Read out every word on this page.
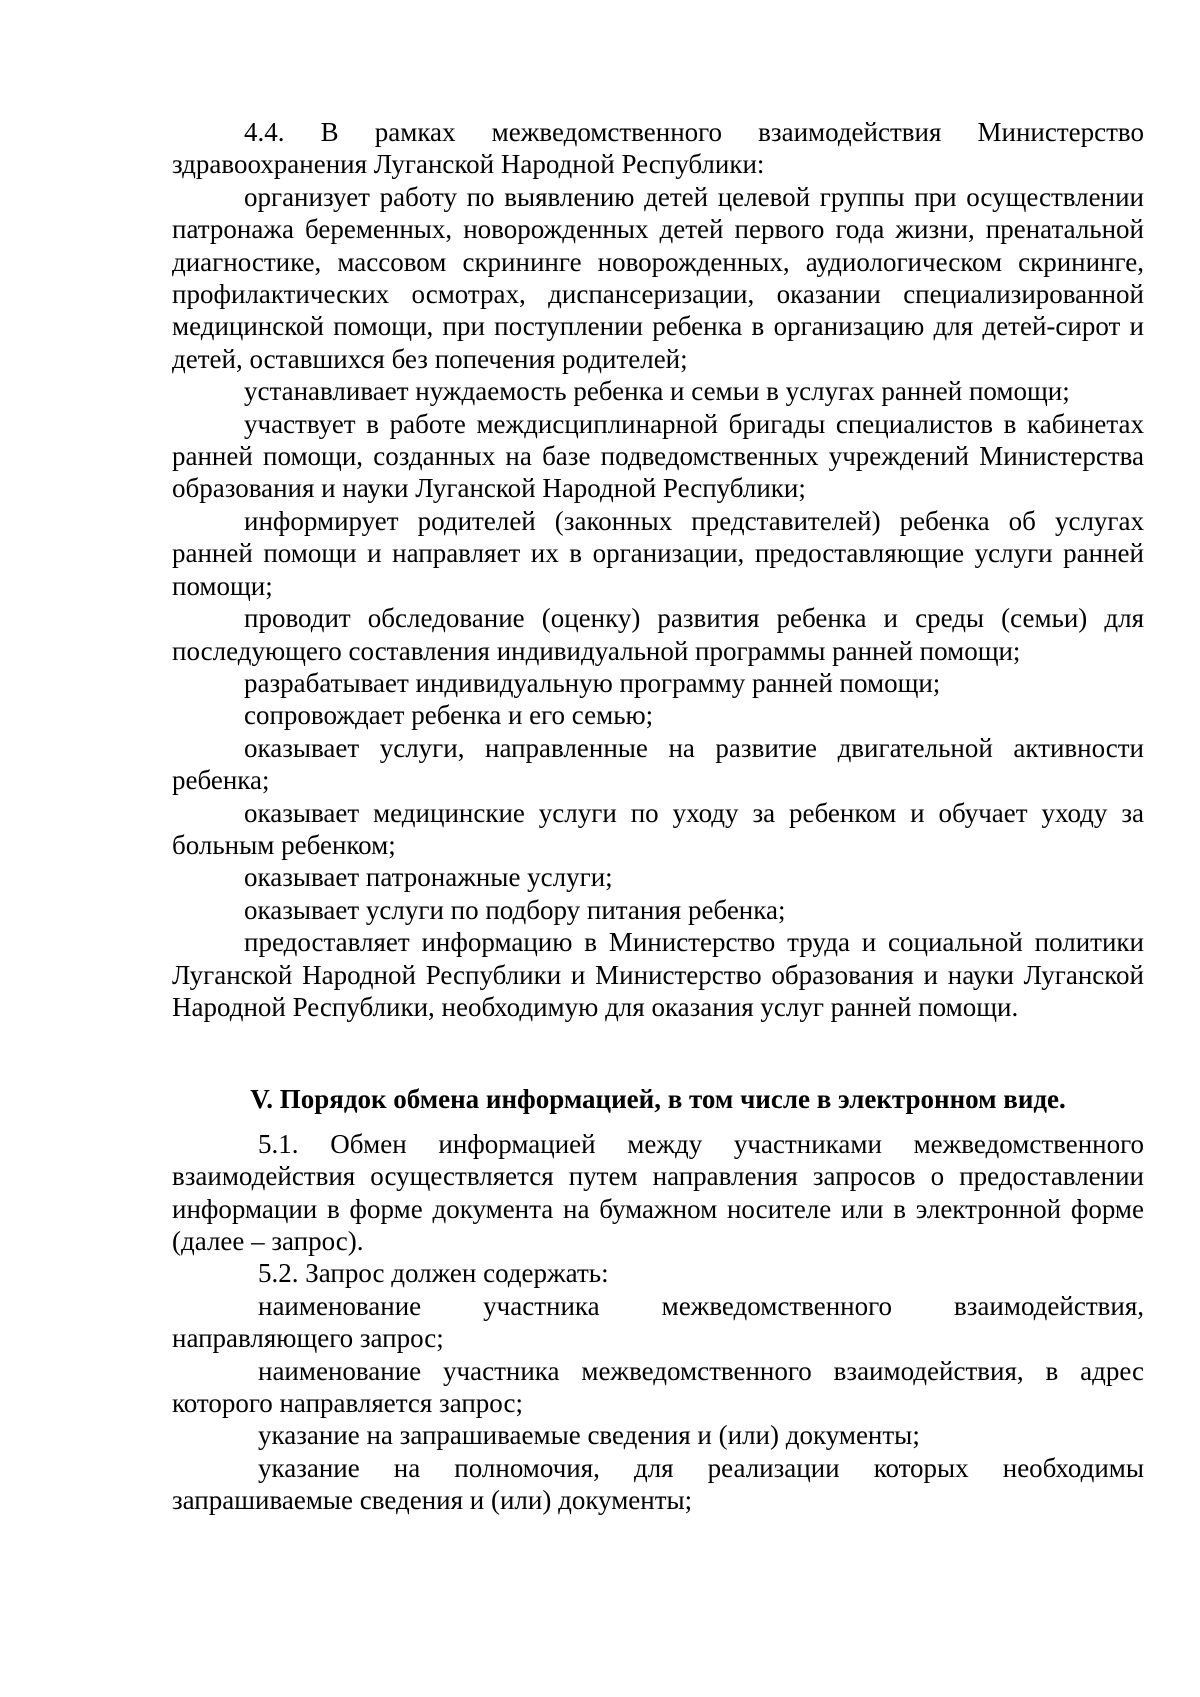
4.4. В рамках межведомственного взаимодействия Министерство здравоохранения Луганской Народной Республики:

организует работу по выявлению детей целевой группы при осуществлении патронажа беременных, новорожденных детей первого года жизни, пренатальной диагностике, массовом скрининге новорожденных, аудиологическом скрининге, профилактических осмотрах, диспансеризации, оказании специализированной медицинской помощи, при поступлении ребенка в организацию для детей-сирот и детей, оставшихся без попечения родителей;

устанавливает нуждаемость ребенка и семьи в услугах ранней помощи;

участвует в работе междисциплинарной бригады специалистов в кабинетах ранней помощи, созданных на базе подведомственных учреждений Министерства образования и науки Луганской Народной Республики;

информирует родителей (законных представителей) ребенка об услугах ранней помощи и направляет их в организации, предоставляющие услуги ранней помощи;

проводит обследование (оценку) развития ребенка и среды (семьи) для последующего составления индивидуальной программы ранней помощи;

разрабатывает индивидуальную программу ранней помощи;

сопровождает ребенка и его семью;

оказывает услуги, направленные на развитие двигательной активности ребенка;

оказывает медицинские услуги по уходу за ребенком и обучает уходу за больным ребенком;

оказывает патронажные услуги;

оказывает услуги по подбору питания ребенка;

предоставляет информацию в Министерство труда и социальной политики Луганской Народной Республики и Министерство образования и науки Луганской Народной Республики, необходимую для оказания услуг ранней помощи.

V. Порядок обмена информацией, в том числе в электронном виде.

5.1. Обмен информацией между участниками межведомственного взаимодействия осуществляется путем направления запросов о предоставлении информации в форме документа на бумажном носителе или в электронной форме (далее – запрос).

5.2. Запрос должен содержать:

наименование участника межведомственного взаимодействия, направляющего запрос;

наименование участника межведомственного взаимодействия, в адрес которого направляется запрос;

указание на запрашиваемые сведения и (или) документы;

указание на полномочия, для реализации которых необходимы запрашиваемые сведения и (или) документы;
